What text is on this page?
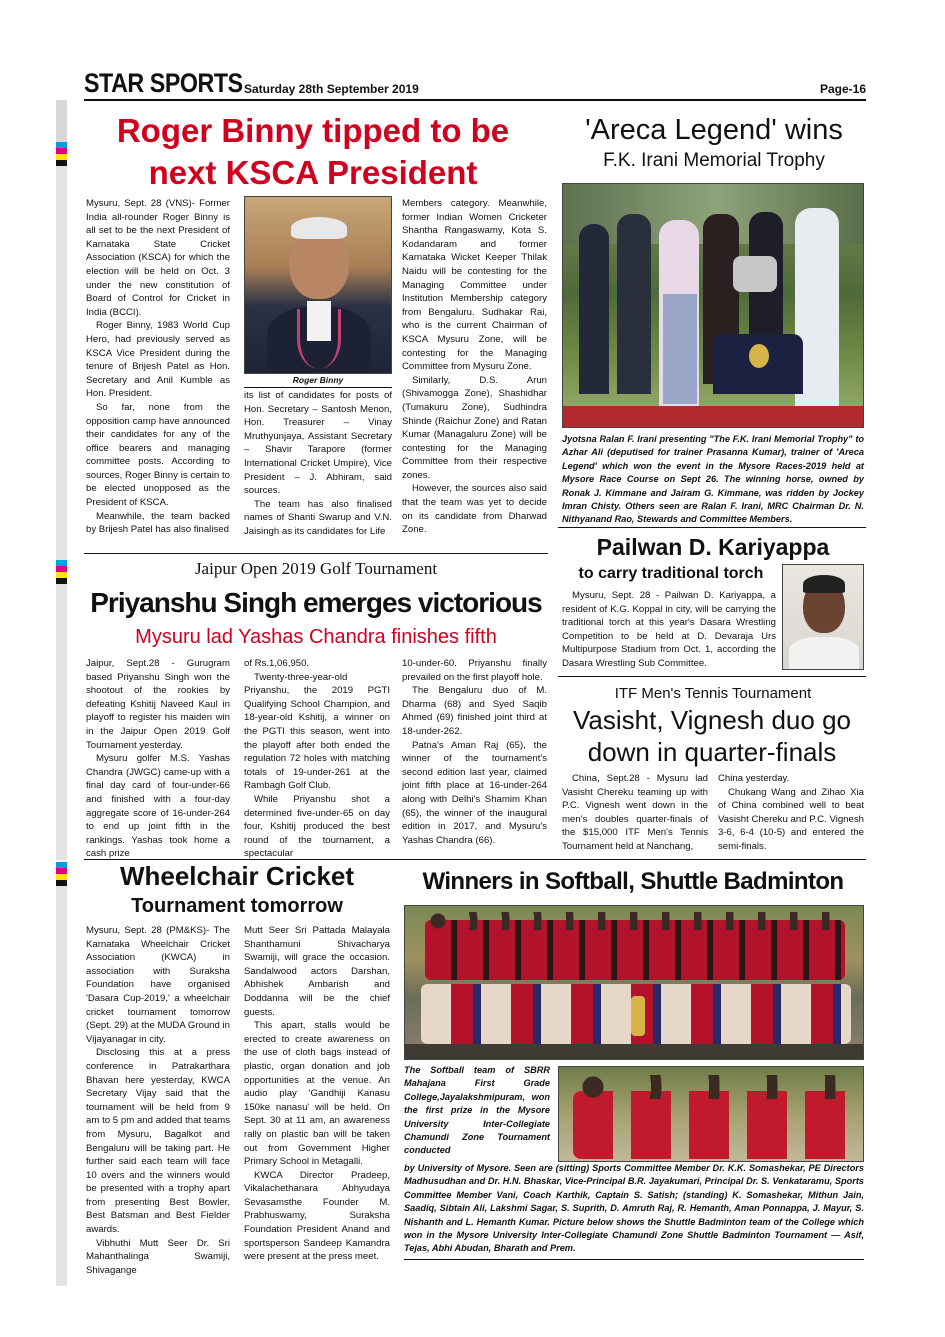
STAR SPORTS Saturday 28th September 2019	Page-16
Roger Binny tipped to be
next KSCA President

Mysuru, Sept. 28 (VNS)- Former India all-rounder Roger Binny is all set to be the next President of Karnataka State Cricket Association (KSCA) for which the election will be held on Oct. 3 under the new constitution of Board of Control for Cricket in India (BCCI).

Roger Binny, 1983 World Cup Hero, had previously served as KSCA Vice President during the tenure of Brijesh Patel as Hon. Secretary and Anil Kumble as Hon. President.

So far, none from the opposition camp have announced their candidates for any of the office bearers and managing committee posts. According to sources, Roger Binny is certain to be elected unopposed as the President of KSCA.

Meanwhile, the team backed by Brijesh Patel has also finalised

Roger Binny

its list of candidates for posts of Hon. Secretary – Santosh Menon, Hon. Treasurer – Vinay Mruthyunjaya, Assistant Secretary – Shavir Tarapore (former International Cricket Umpire), Vice President – J. Abhiram, said sources.

The team has also finalised names of Shanti Swarup and V.N. Jaisingh as its candidates for Life

Members category. Meanwhile, former Indian Women Cricketer Shantha Rangaswamy, Kota S. Kodandaram and former Karnataka Wicket Keeper Thilak Naidu will be contesting for the Managing Committee under Institution Membership category from Bengaluru. Sudhakar Rai, who is the current Chairman of KSCA Mysuru Zone, will be contesting for the Managing Committee from Mysuru Zone.

Similarly, D.S. Arun (Shivamogga Zone), Shashidhar (Tumakuru Zone), Sudhindra Shinde (Raichur Zone) and Ratan Kumar (Managaluru Zone) will be contesting for the Managing Committee from their respective zones.

However, the sources also said that the team was yet to decide on its candidate from Dharwad Zone.

'Areca Legend' wins
F.K. Irani Memorial Trophy
Jyotsna Ralan F. Irani presenting "The F.K. Irani Memorial Trophy" to Azhar Ali (deputised for trainer Prasanna Kumar), trainer of 'Areca Legend' which won the event in the Mysore Races-2019 held at Mysore Race Course on Sept 26. The winning horse, owned by Ronak J. Kimmane and Jairam G. Kimmane, was ridden by Jockey Imran Chisty. Others seen are Ralan F. Irani, MRC Chairman Dr. N. Nithyanand Rao, Stewards and Committee Members.
Pailwan D. Kariyappa
to carry traditional torch

Mysuru, Sept. 28 - Pailwan D. Kariyappa, a resident of K.G. Koppal in city, will be carrying the traditional torch at this year's Dasara Wrestling Competition to be held at D. Devaraja Urs Multipurpose Stadium from Oct. 1, according the Dasara Wrestling Sub Committee.

ITF Men's Tennis Tournament
Vasisht, Vignesh duo go
down in quarter-finals

China, Sept.28 - Mysuru lad Vasisht Chereku teaming up with P.C. Vignesh went down in the men's doubles quarter-finals of the $15,000 ITF Men's Tennis Tournament held at Nanchang,

China yesterday.

Chukang Wang and Zihao Xia of China combined well to beat Vasisht Chereku and P.C. Vignesh 3-6, 6-4 (10-5) and entered the semi-finals.

Jaipur Open 2019 Golf Tournament
Priyanshu Singh emerges victorious
Mysuru lad Yashas Chandra finishes fifth

Jaipur, Sept.28 - Gurugram based Priyanshu Singh won the shootout of the rookies by defeating Kshitij Naveed Kaul in playoff to register his maiden win in the Jaipur Open 2019 Golf Tournament yesterday.

Mysuru golfer M.S. Yashas Chandra (JWGC) came-up with a final day card of four-under-66 and finished with a four-day aggregate score of 16-under-264 to end up joint fifth in the rankings. Yashas took home a cash prize

of Rs.1,06,950.

Twenty-three-year-old Priyanshu, the 2019 PGTI Qualifying School Champion, and 18-year-old Kshitij, a winner on the PGTI this season, went into the playoff after both ended the regulation 72 holes with matching totals of 19-under-261 at the Rambagh Golf Club.

While Priyanshu shot a determined five-under-65 on day four, Kshitij produced the best round of the tournament, a spectacular

10-under-60. Priyanshu finally prevailed on the first playoff hole.

The Bengaluru duo of M. Dharma (68) and Syed Saqib Ahmed (69) finished joint third at 18-under-262.

Patna's Aman Raj (65), the winner of the tournament's second edition last year, claimed joint fifth place at 16-under-264 along with Delhi's Shamim Khan (65), the winner of the inaugural edition in 2017, and Mysuru's Yashas Chandra (66).

Wheelchair Cricket
Tournament tomorrow

Mysuru, Sept. 28 (PM&KS)- The Karnataka Wheelchair Cricket Association (KWCA) in association with Suraksha Foundation have organised 'Dasara Cup-2019,' a wheelchair cricket tournament tomorrow (Sept. 29) at the MUDA Ground in Vijayanagar in city.

Disclosing this at a press conference in Patrakarthara Bhavan here yesterday, KWCA Secretary Vijay said that the tournament will be held from 9 am to 5 pm and added that teams from Mysuru, Bagalkot and Bengaluru will be taking part. He further said each team will face 10 overs and the winners would be presented with a trophy apart from presenting Best Bowler, Best Batsman and Best Fielder awards.

Vibhuthi Mutt Seer Dr. Sri Mahanthalinga Swamiji, Shivagange

Mutt Seer Sri Pattada Malayala Shanthamuni Shivacharya Swamiji, will grace the occasion. Sandalwood actors Darshan, Abhishek Ambarish and Doddanna will be the chief guests.

This apart, stalls would be erected to create awareness on the use of cloth bags instead of plastic, organ donation and job opportunities at the venue. An audio play 'Gandhiji Kanasu 150ke nanasu' will be held. On Sept. 30 at 11 am, an awareness rally on plastic ban will be taken out from Government Higher Primary School in Metagalli.

KWCA Director Pradeep, Vikalachethanara Abhyudaya Sevasamsthe Founder M. Prabhuswamy, Suraksha Foundation President Anand and sportsperson Sandeep Kamandra were present at the press meet.

Winners in Softball, Shuttle Badminton
The Softball team of SBRR Mahajana First Grade College,Jayalakshmipuram, won the first prize in the Mysore University Inter-Collegiate Chamundi Zone Tournament conducted
by University of Mysore. Seen are (sitting) Sports Committee Member Dr. K.K. Somashekar, PE Directors Madhusudhan and Dr. H.N. Bhaskar, Vice-Principal B.R. Jayakumari, Principal Dr. S. Venkataramu, Sports Committee Member Vani, Coach Karthik, Captain S. Satish; (standing) K. Somashekar, Mithun Jain, Saadiq, Sibtain Ali, Lakshmi Sagar, S. Suprith, D. Amruth Raj, R. Hemanth, Aman Ponnappa, J. Mayur, S. Nishanth and L. Hemanth Kumar. Picture below shows the Shuttle Badminton team of the College which won in the Mysore University Inter-Collegiate Chamundi Zone Shuttle Badminton Tournament — Asif, Tejas, Abhi Abudan, Bharath and Prem.
